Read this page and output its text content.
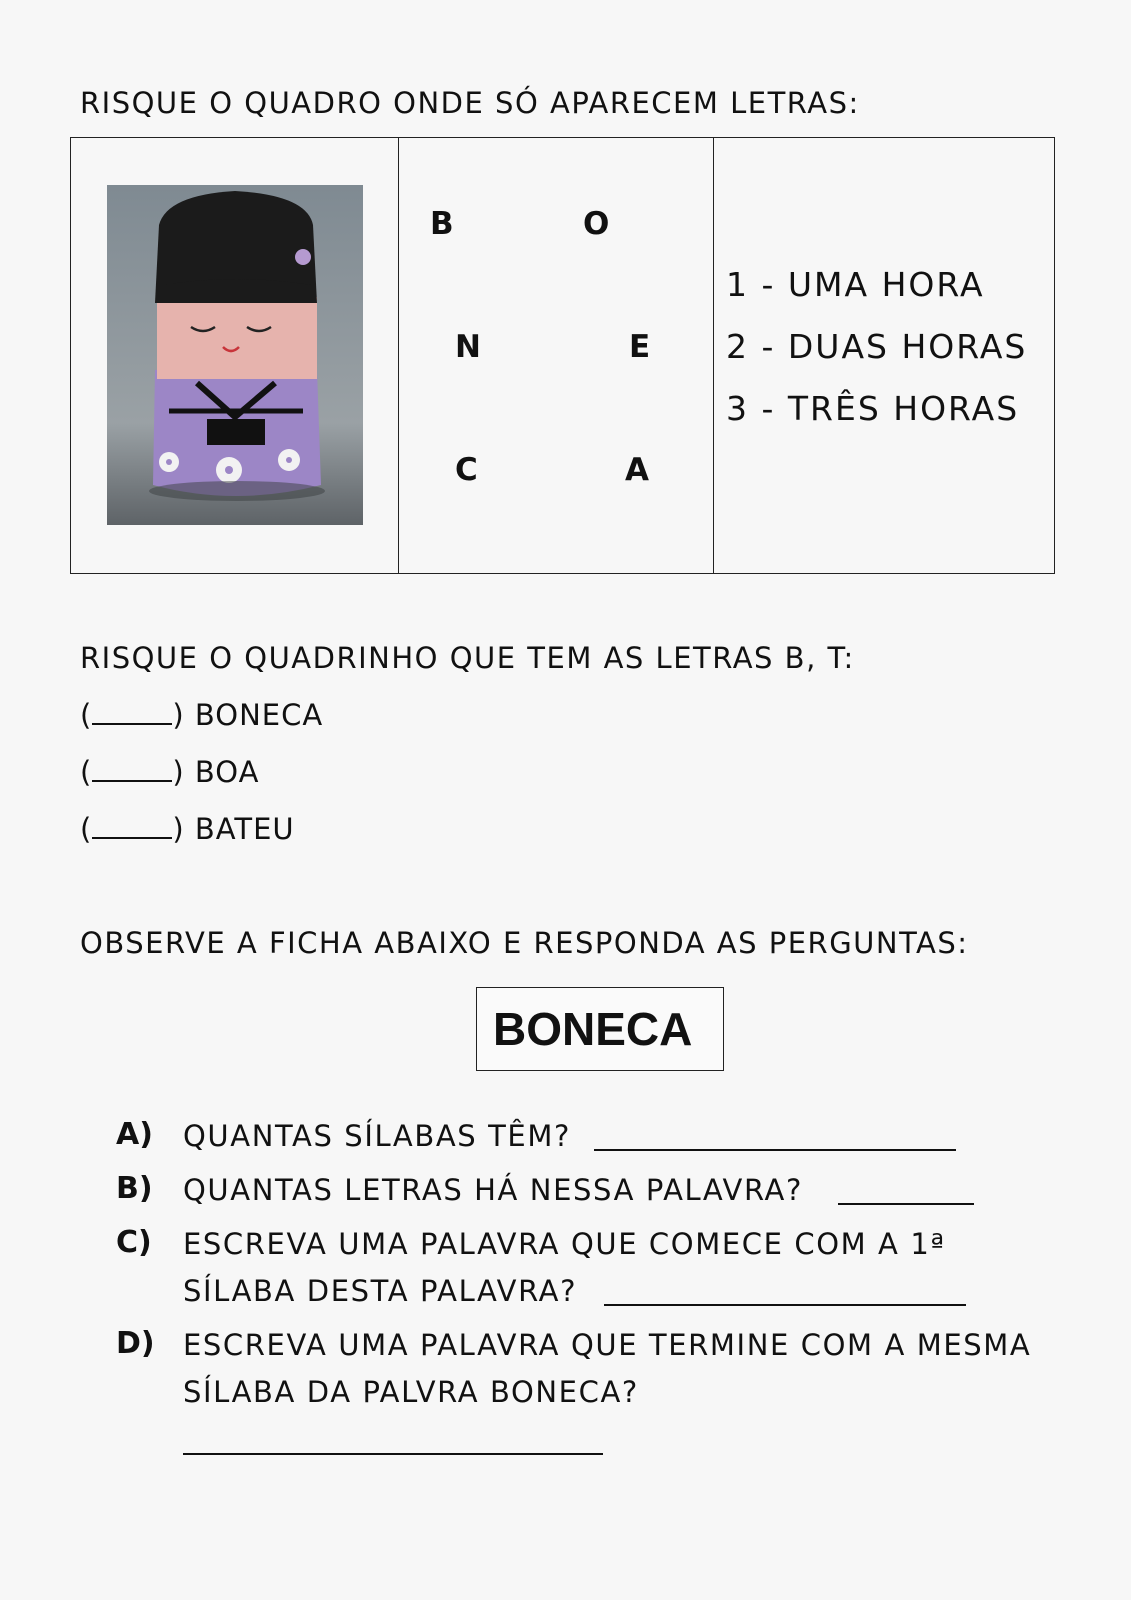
RISQUE O QUADRO ONDE SÓ APARECEM LETRAS:
B	O
N	E
C	A
1 - UMA HORA
2 - DUAS HORAS
3 - TRÊS HORAS
RISQUE O QUADRINHO QUE TEM AS LETRAS B, T:
(	) BONECA
(	) BOA
(	) BATEU
OBSERVE A FICHA ABAIXO E RESPONDA AS PERGUNTAS:
BONECA
A) QUANTAS SÍLABAS TÊM?
B) QUANTAS LETRAS HÁ NESSA PALAVRA?
C) ESCREVA UMA PALAVRA QUE COMECE COM A 1ª
SÍLABA DESTA PALAVRA?
D) ESCREVA UMA PALAVRA QUE TERMINE COM A MESMA
SÍLABA DA PALVRA BONECA?
